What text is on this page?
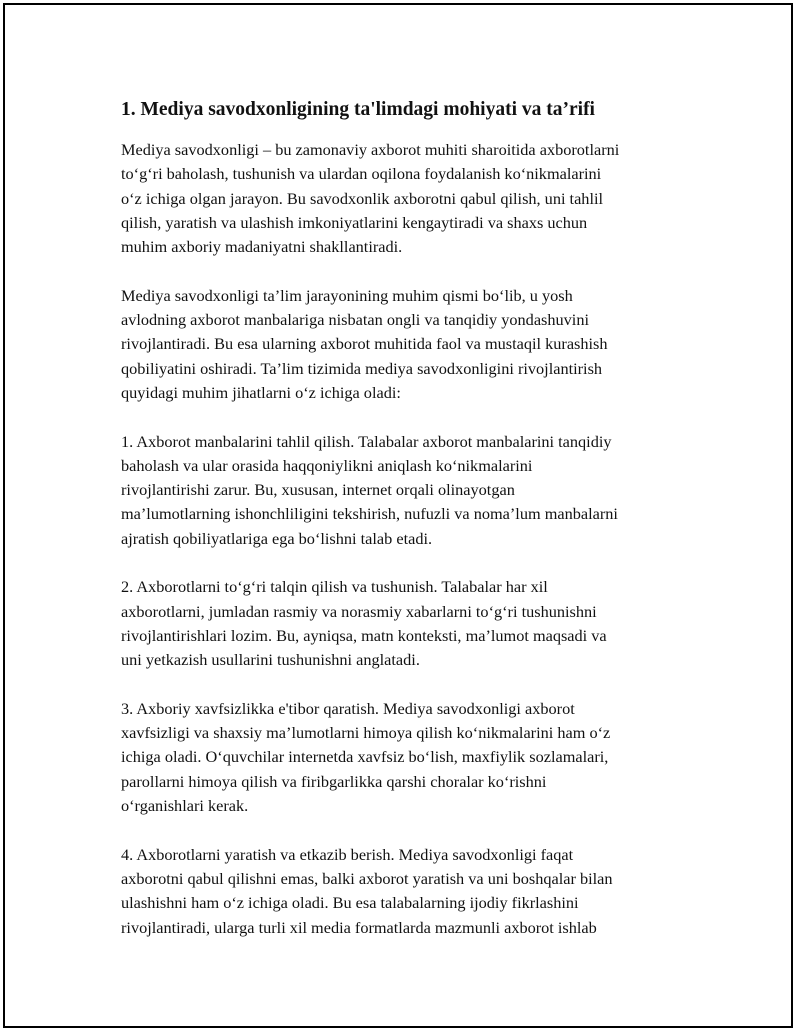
1. Mediya savodxonligining ta'limdagi mohiyati va ta’rifi

Mediya savodxonligi – bu zamonaviy axborot muhiti sharoitida axborotlarni
to‘g‘ri baholash, tushunish va ulardan oqilona foydalanish ko‘nikmalarini
o‘z ichiga olgan jarayon. Bu savodxonlik axborotni qabul qilish, uni tahlil
qilish, yaratish va ulashish imkoniyatlarini kengaytiradi va shaxs uchun
muhim axboriy madaniyatni shakllantiradi.

Mediya savodxonligi ta’lim jarayonining muhim qismi bo‘lib, u yosh
avlodning axborot manbalariga nisbatan ongli va tanqidiy yondashuvini
rivojlantiradi. Bu esa ularning axborot muhitida faol va mustaqil kurashish
qobiliyatini oshiradi. Ta’lim tizimida mediya savodxonligini rivojlantirish
quyidagi muhim jihatlarni o‘z ichiga oladi:

1. Axborot manbalarini tahlil qilish. Talabalar axborot manbalarini tanqidiy
baholash va ular orasida haqqoniylikni aniqlash ko‘nikmalarini
rivojlantirishi zarur. Bu, xususan, internet orqali olinayotgan
ma’lumotlarning ishonchliligini tekshirish, nufuzli va noma’lum manbalarni
ajratish qobiliyatlariga ega bo‘lishni talab etadi.

2. Axborotlarni to‘g‘ri talqin qilish va tushunish. Talabalar har xil
axborotlarni, jumladan rasmiy va norasmiy xabarlarni to‘g‘ri tushunishni
rivojlantirishlari lozim. Bu, ayniqsa, matn konteksti, ma’lumot maqsadi va
uni yetkazish usullarini tushunishni anglatadi.

3. Axboriy xavfsizlikka e'tibor qaratish. Mediya savodxonligi axborot
xavfsizligi va shaxsiy ma’lumotlarni himoya qilish ko‘nikmalarini ham o‘z
ichiga oladi. O‘quvchilar internetda xavfsiz bo‘lish, maxfiylik sozlamalari,
parollarni himoya qilish va firibgarlikka qarshi choralar ko‘rishni
o‘rganishlari kerak.

4. Axborotlarni yaratish va etkazib berish. Mediya savodxonligi faqat
axborotni qabul qilishni emas, balki axborot yaratish va uni boshqalar bilan
ulashishni ham o‘z ichiga oladi. Bu esa talabalarning ijodiy fikrlashini
rivojlantiradi, ularga turli xil media formatlarda mazmunli axborot ishlab
